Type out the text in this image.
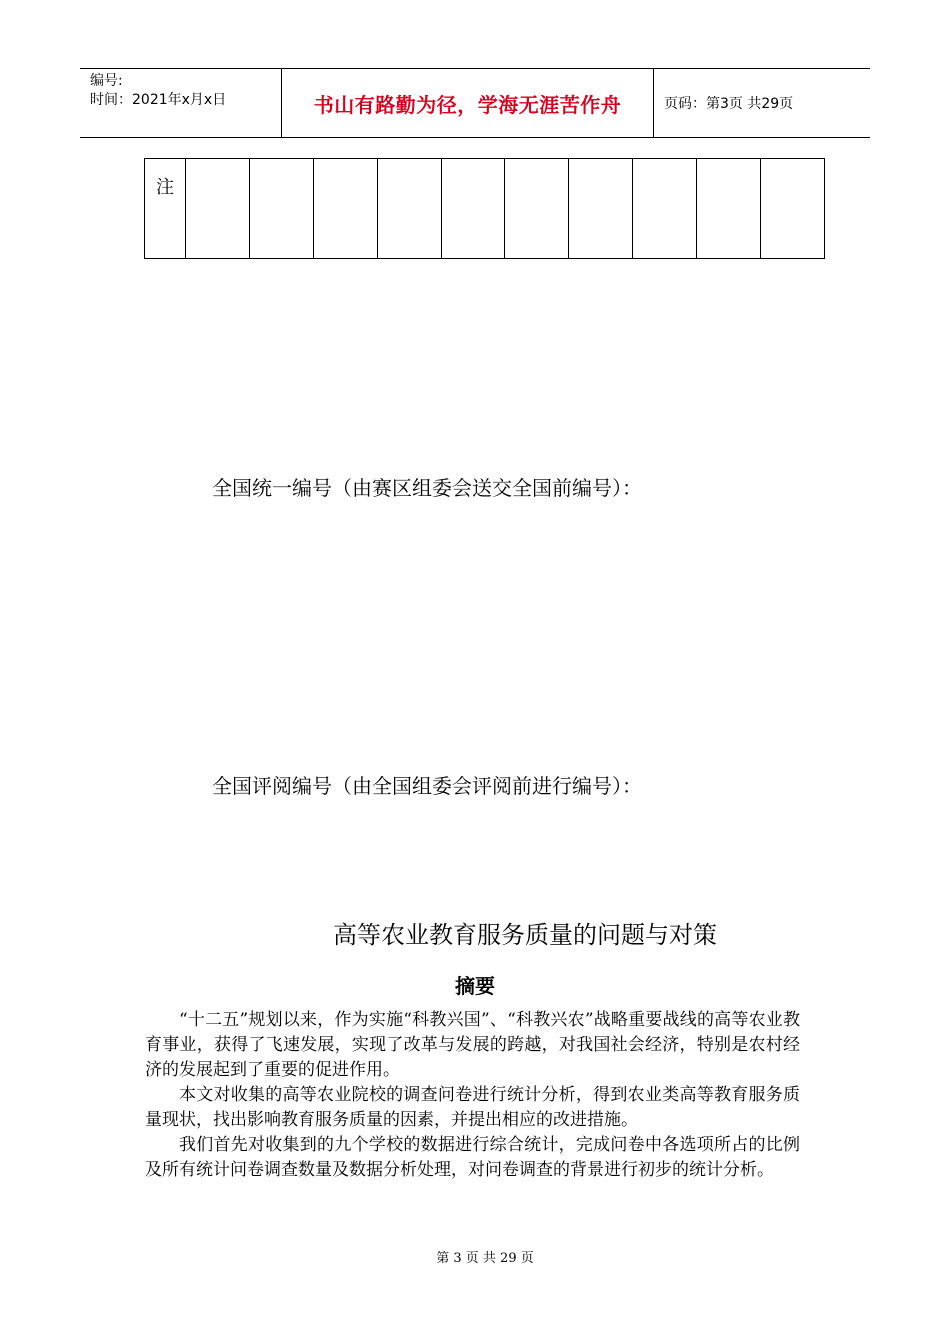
编号:
时间：2021年x月x日	书山有路勤为径，学海无涯苦作舟	页码：第3页 共29页
注										
全国统一编号（由赛区组委会送交全国前编号）：
全国评阅编号（由全国组委会评阅前进行编号）：
高等农业教育服务质量的问题与对策
摘要

“十二五”规划以来，作为实施“科教兴国”、“科教兴农”战略重要战线的高等农业教育事业，获得了飞速发展，实现了改革与发展的跨越，对我国社会经济，特别是农村经济的发展起到了重要的促进作用。

本文对收集的高等农业院校的调查问卷进行统计分析，得到农业类高等教育服务质量现状，找出影响教育服务质量的因素，并提出相应的改进措施。

我们首先对收集到的九个学校的数据进行综合统计，完成问卷中各选项所占的比例及所有统计问卷调查数量及数据分析处理，对问卷调查的背景进行初步的统计分析。

第 3 页 共 29 页
